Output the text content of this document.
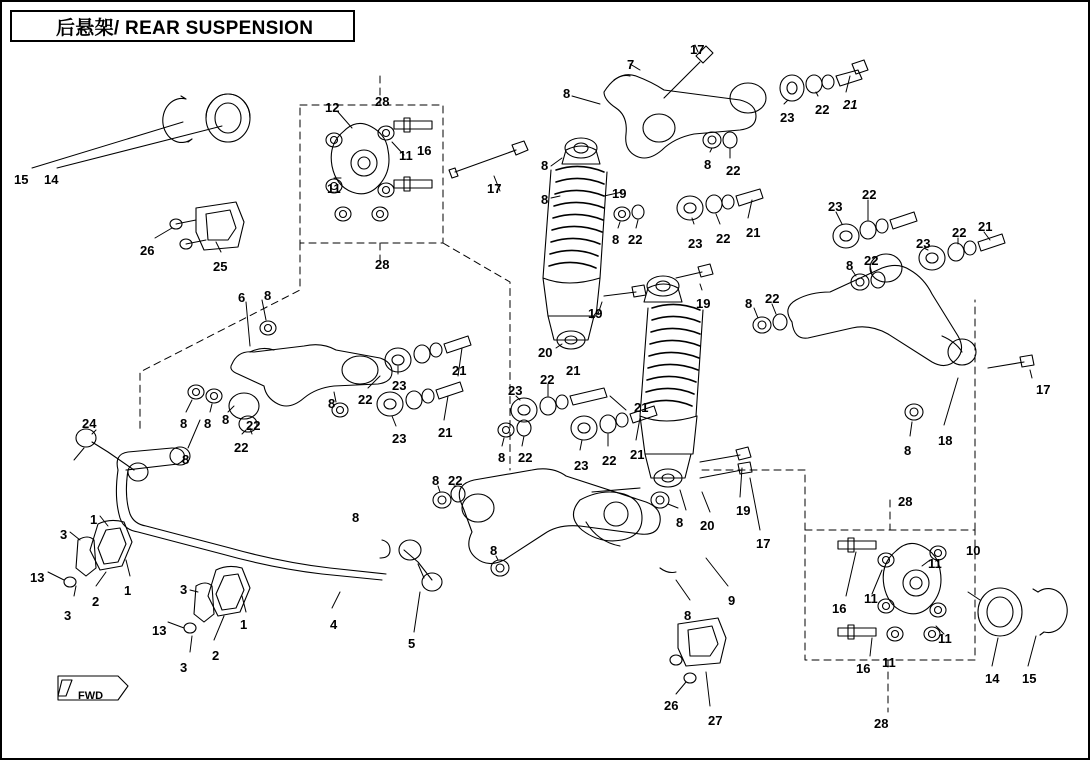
后悬架/ REAR SUSPENSION
FWD
15 14
12	28
11 16
11
28
17
26
25
8
7
17
23
22 21
8 22
19
8
8 22	23 22 21
23
22
22 21
23
8 22
8 22
19
6 8
19
20
21
22
23
21
8
8 8
22
8
23 21
24
8
23
22
21
8 22
23 22 21
8 22
19
20
8
17
17
18
8
28
10
11
11
16
11
11
16
28
14 15
1
3
13
2
1
3
3
1
13
2
3
4
5
8
8
8
9
26
27
22
8
